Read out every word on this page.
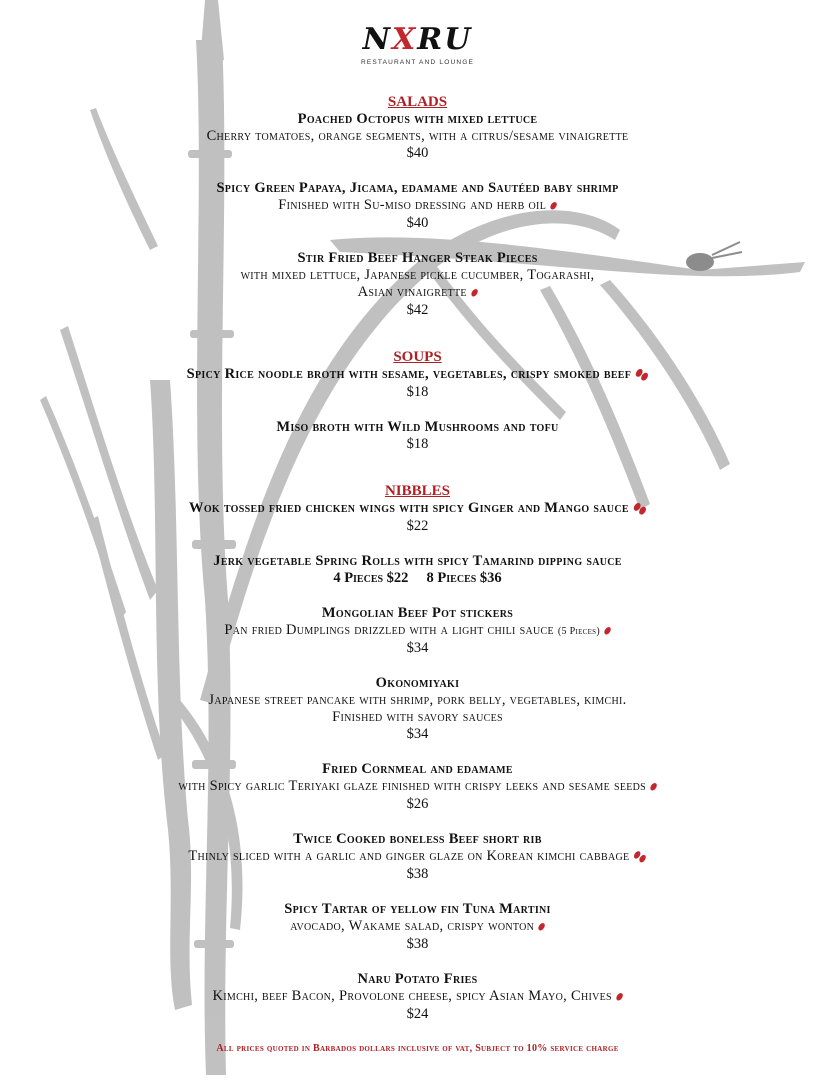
NXRU
RESTAURANT AND LOUNGE
SALADS
Poached Octopus with mixed lettuce
Cherry tomatoes, orange segments, with a citrus/sesame vinaigrette
$40
Spicy Green Papaya, Jicama, edamame and Sautéed baby shrimp
Finished with Su-miso dressing and herb oil⬮
$40
Stir Fried Beef Hanger Steak Pieces
with mixed lettuce, Japanese pickle cucumber, Togarashi,
Asian vinaigrette⬮
$42
SOUPS
Spicy Rice noodle broth with sesame, vegetables, crispy smoked beef ⬮⬮
$18
Miso broth with Wild Mushrooms and tofu
$18
NIBBLES
Wok tossed fried chicken wings with spicy Ginger and Mango sauce ⬮⬮
$22
Jerk vegetable Spring Rolls with spicy Tamarind dipping sauce
4 Pieces $22     8 Pieces $36
Mongolian Beef Pot stickers
Pan fried Dumplings drizzled with a light chili sauce (5 Pieces)⬮
$34
Okonomiyaki
Japanese street pancake with shrimp, pork belly, vegetables, kimchi.
Finished with savory sauces
$34
Fried Cornmeal and edamame
with Spicy garlic Teriyaki glaze finished with crispy leeks and sesame seeds⬮
$26
Twice Cooked boneless Beef short rib
Thinly sliced with a garlic and ginger glaze on Korean kimchi cabbage ⬮⬮
$38
Spicy Tartar of yellow fin Tuna Martini
avocado, Wakame salad, crispy wonton⬮
$38
Naru Potato Fries
Kimchi, beef Bacon, Provolone cheese, spicy Asian Mayo, Chives⬮
$24
All prices quoted in Barbados dollars inclusive of vat, Subject to 10% service charge
